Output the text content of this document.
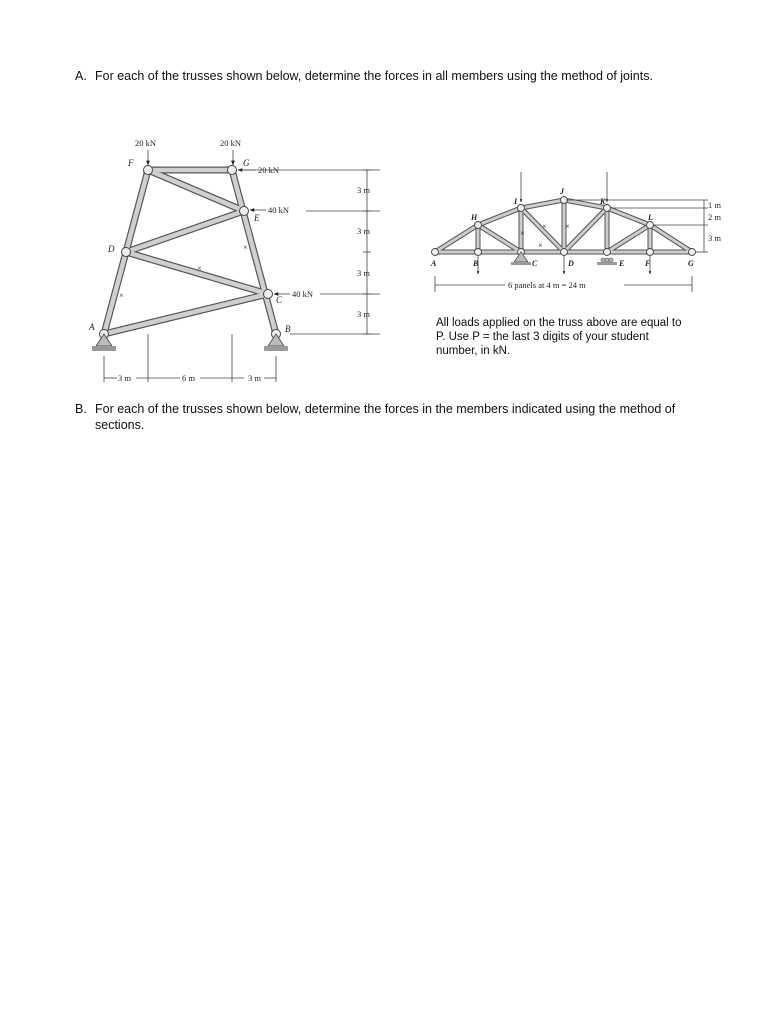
A. For each of the trusses shown below, determine the forces in all members using the method of joints.
20 kN	20 kN
20 kN
40 kN
40 kN
F	G
E
D
C
A	B
×
×
×
3 m
3 m
3 m
3 m
3 m	6 m	3 m
A	B	C	D	E	F	G
H
I
J
K
L
× ×
×
×
1 m
2 m
3 m
6 panels at 4 m = 24 m
All loads applied on the truss above are equal to P. Use P = the last 3 digits of your student number, in kN.
B. For each of the trusses shown below, determine the forces in the members indicated using the method of sections.
